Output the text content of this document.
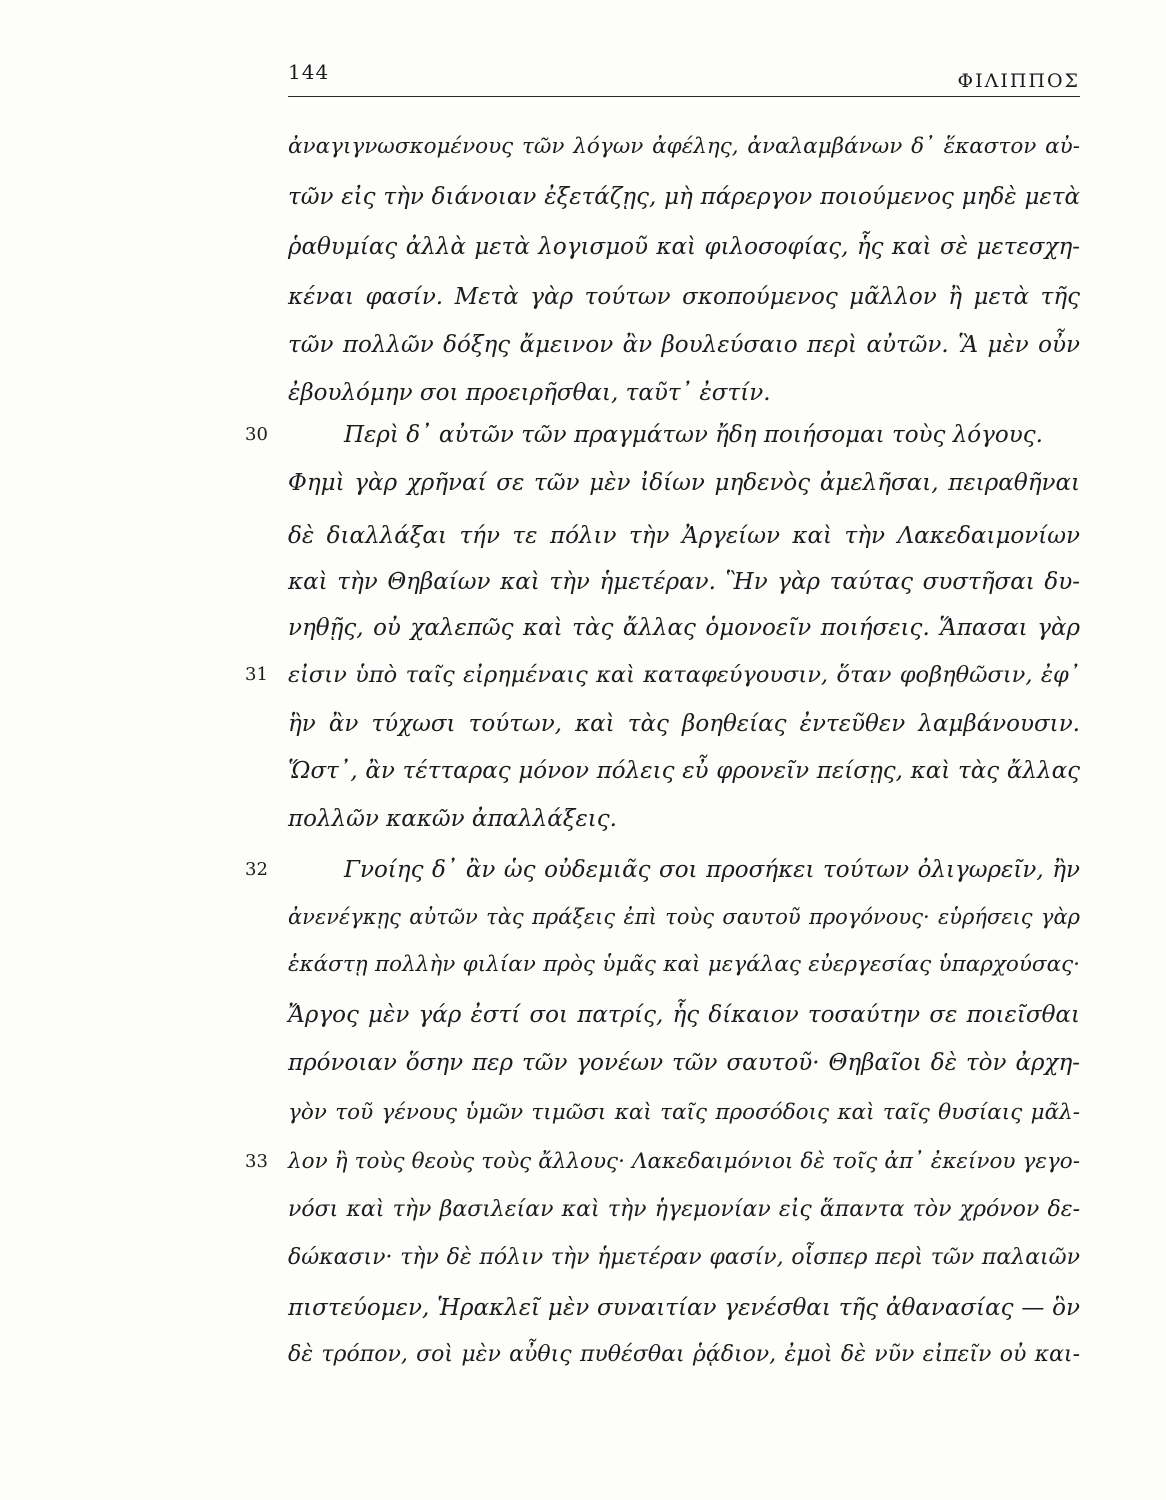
144	ΦΙΛΙΠΠΟΣ
ἀναγιγνωσκομένους τῶν λόγων ἀφέλης, ἀναλαμβάνων δ᾽ ἕκαστον αὐ-
τῶν εἰς τὴν διάνοιαν ἐξετάζῃς, μὴ πάρεργον ποιούμενος μηδὲ μετὰ
ῥαθυμίας ἀλλὰ μετὰ λογισμοῦ καὶ φιλοσοφίας, ἧς καὶ σὲ μετεσχη-
κέναι φασίν. Μετὰ γὰρ τούτων σκοπούμενος μᾶλλον ἢ μετὰ τῆς
τῶν πολλῶν δόξης ἄμεινον ἂν βουλεύσαιο περὶ αὐτῶν. Ἃ μὲν οὖν
ἐβουλόμην σοι προειρῆσθαι, ταῦτ᾽ ἐστίν.
30	Περὶ δ᾽ αὐτῶν τῶν πραγμάτων ἤδη ποιήσομαι τοὺς λόγους.
Φημὶ γὰρ χρῆναί σε τῶν μὲν ἰδίων μηδενὸς ἀμελῆσαι, πειραθῆναι
δὲ διαλλάξαι τήν τε πόλιν τὴν Ἀργείων καὶ τὴν Λακεδαιμονίων
καὶ τὴν Θηβαίων καὶ τὴν ἡμετέραν. Ἣν γὰρ ταύτας συστῆσαι δυ-
νηθῇς, οὐ χαλεπῶς καὶ τὰς ἄλλας ὁμονοεῖν ποιήσεις. Ἅπασαι γὰρ
31 εἰσιν ὑπὸ ταῖς εἰρημέναις καὶ καταφεύγουσιν, ὅταν φοβηθῶσιν, ἐφ᾽
ἣν ἂν τύχωσι τούτων, καὶ τὰς βοηθείας ἐντεῦθεν λαμβάνουσιν.
Ὥστ᾽, ἂν τέτταρας μόνον πόλεις εὖ φρονεῖν πείσῃς, καὶ τὰς ἄλλας
πολλῶν κακῶν ἀπαλλάξεις.
32	Γνοίης δ᾽ ἂν ὡς οὐδεμιᾶς σοι προσήκει τούτων ὀλιγωρεῖν, ἢν
ἀνενέγκῃς αὐτῶν τὰς πράξεις ἐπὶ τοὺς σαυτοῦ προγόνους· εὑρήσεις γὰρ
ἑκάστῃ πολλὴν φιλίαν πρὸς ὑμᾶς καὶ μεγάλας εὐεργεσίας ὑπαρχούσας·
Ἄργος μὲν γάρ ἐστί σοι πατρίς, ἧς δίκαιον τοσαύτην σε ποιεῖσθαι
πρόνοιαν ὅσην περ τῶν γονέων τῶν σαυτοῦ· Θηβαῖοι δὲ τὸν ἀρχη-
γὸν τοῦ γένους ὑμῶν τιμῶσι καὶ ταῖς προσόδοις καὶ ταῖς θυσίαις μᾶλ-
33 λον ἢ τοὺς θεοὺς τοὺς ἄλλους· Λακεδαιμόνιοι δὲ τοῖς ἀπ᾽ ἐκείνου γεγο-
νόσι καὶ τὴν βασιλείαν καὶ τὴν ἡγεμονίαν εἰς ἅπαντα τὸν χρόνον δε-
δώκασιν· τὴν δὲ πόλιν τὴν ἡμετέραν φασίν, οἷσπερ περὶ τῶν παλαιῶν
πιστεύομεν, Ἡρακλεῖ μὲν συναιτίαν γενέσθαι τῆς ἀθανασίας — ὃν
δὲ τρόπον, σοὶ μὲν αὖθις πυθέσθαι ῥᾴδιον, ἐμοὶ δὲ νῦν εἰπεῖν οὐ και-
